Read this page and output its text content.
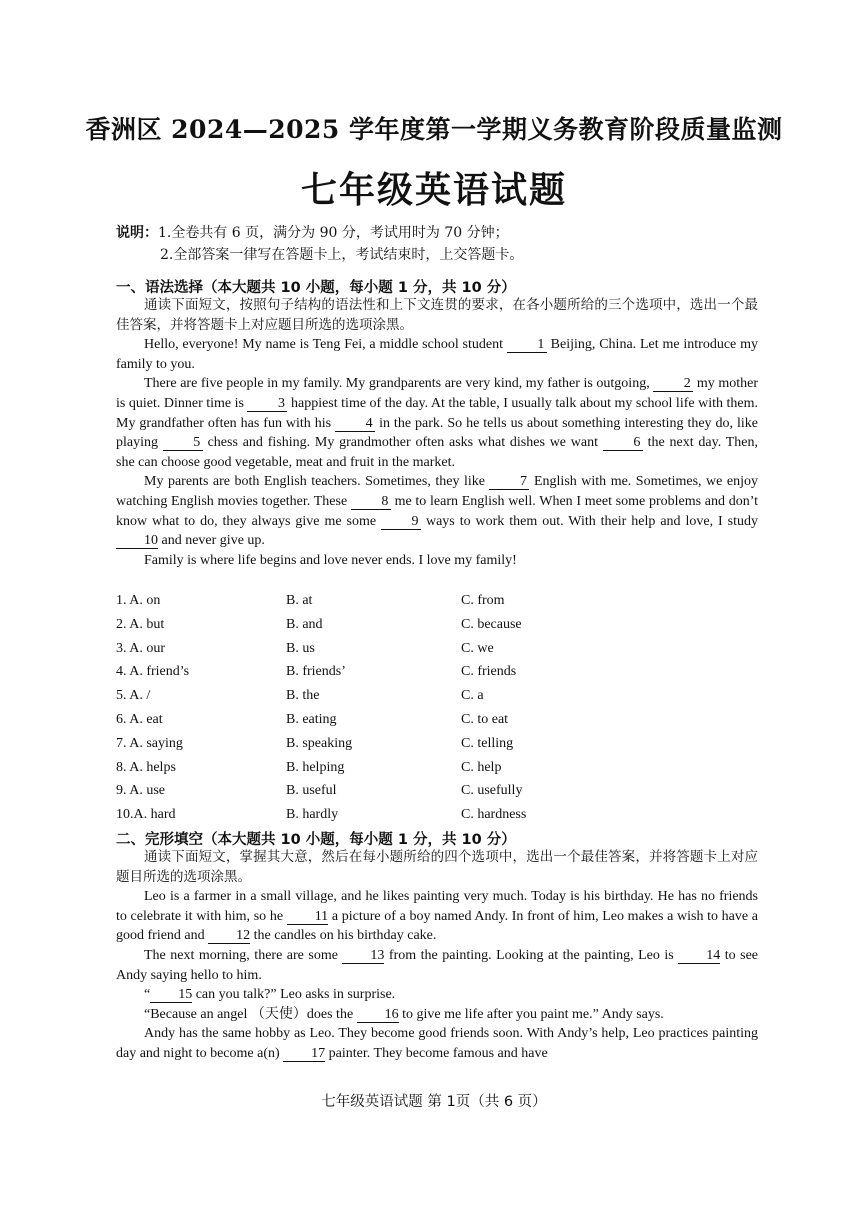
香洲区 2024—2025 学年度第一学期义务教育阶段质量监测
七年级英语试题
说明：1.全卷共有 6 页，满分为 90 分，考试用时为 70 分钟；
2.全部答案一律写在答题卡上，考试结束时，上交答题卡。
一、语法选择（本大题共 10 小题，每小题 1 分，共 10 分）

通读下面短文，按照句子结构的语法性和上下文连贯的要求，在各小题所给的三个选项中，选出一个最佳答案，并将答题卡上对应题目所选的选项涂黑。

Hello, everyone! My name is Teng Fei, a middle school student 1 Beijing, China. Let me introduce my family to you.

There are five people in my family. My grandparents are very kind, my father is outgoing, 2 my mother is quiet. Dinner time is 3 happiest time of the day. At the table, I usually talk about my school life with them. My grandfather often has fun with his 4 in the park. So he tells us about something interesting they do, like playing 5 chess and fishing. My grandmother often asks what dishes we want 6 the next day. Then, she can choose good vegetable, meat and fruit in the market.

My parents are both English teachers. Sometimes, they like 7 English with me. Sometimes, we enjoy watching English movies together. These 8 me to learn English well. When I meet some problems and don’t know what to do, they always give me some 9 ways to work them out. With their help and love, I study 10 and never give up.

Family is where life begins and love never ends. I love my family!

1. A. on	B. at	C. from
2. A. but	B. and	C. because
3. A. our	B. us	C. we
4. A. friend’s	B. friends’	C. friends
5. A. /	B. the	C. a
6. A. eat	B. eating	C. to eat
7. A. saying	B. speaking	C. telling
8. A. helps	B. helping	C. help
9. A. use	B. useful	C. usefully
10.A. hard	B. hardly	C. hardness
二、完形填空（本大题共 10 小题，每小题 1 分，共 10 分）

通读下面短文，掌握其大意，然后在每小题所给的四个选项中，选出一个最佳答案，并将答题卡上对应题目所选的选项涂黑。

Leo is a farmer in a small village, and he likes painting very much. Today is his birthday. He has no friends to celebrate it with him, so he 11 a picture of a boy named Andy. In front of him, Leo makes a wish to have a good friend and 12 the candles on his birthday cake.

The next morning, there are some 13 from the painting. Looking at the painting, Leo is 14 to see Andy saying hello to him.

“ 15 can you talk?” Leo asks in surprise.

“Because an angel （天使）does the 16 to give me life after you paint me.” Andy says.

Andy has the same hobby as Leo. They become good friends soon. With Andy’s help, Leo practices painting day and night to become a(n) 17 painter. They become famous and have

七年级英语试题 第 1页（共 6 页）
